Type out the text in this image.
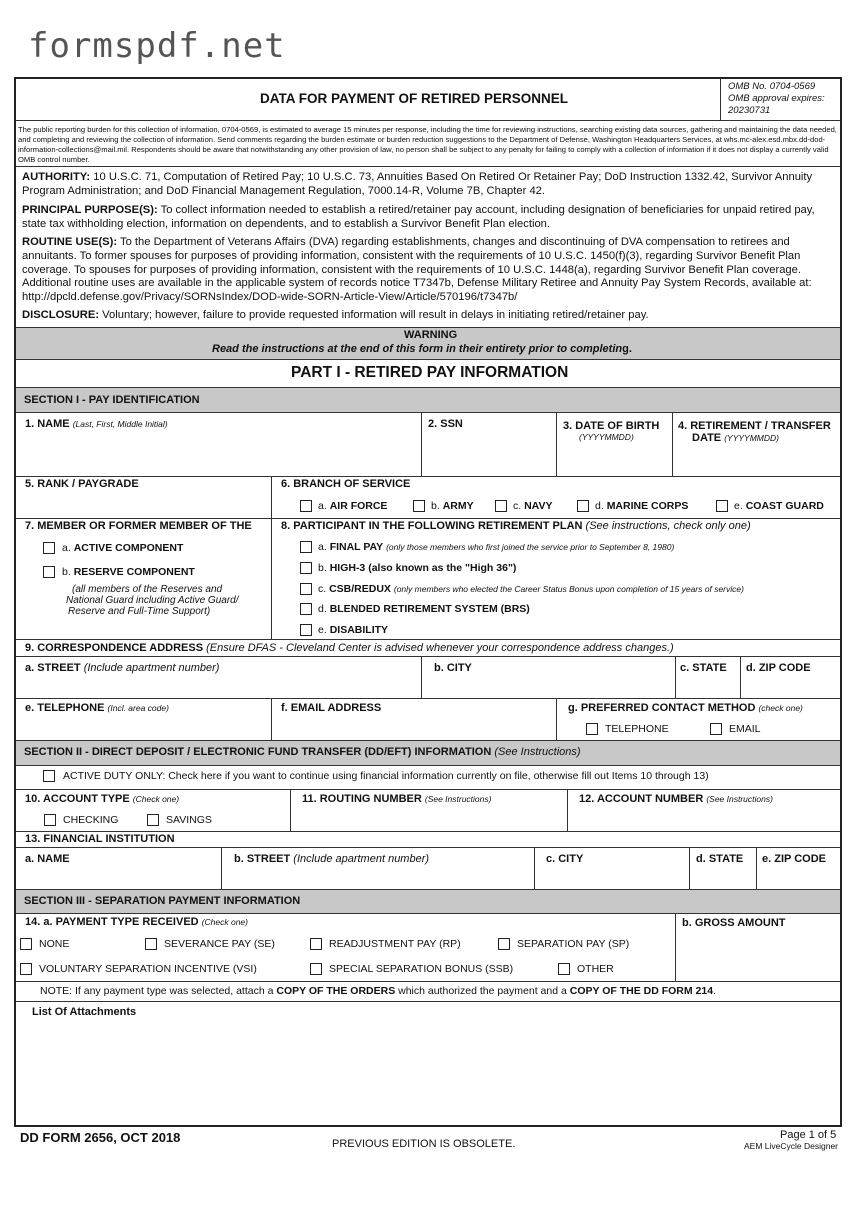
formspdf.net
DATA FOR PAYMENT OF RETIRED PERSONNEL
OMB No. 0704-0569
OMB approval expires:
20230731
The public reporting burden for this collection of information, 0704-0569, is estimated to average 15 minutes per response, including the time for reviewing instructions, searching existing data sources, gathering and maintaining the data needed, and completing and reviewing the collection of information. Send comments regarding the burden estimate or burden reduction suggestions to the Department of Defense, Washington Headquarters Services, at whs.mc-alex.esd.mbx.dd-dod-information-collections@mail.mil. Respondents should be aware that notwithstanding any other provision of law, no person shall be subject to any penalty for failing to comply with a collection of information if it does not display a currently valid OMB control number.
AUTHORITY: 10 U.S.C. 71, Computation of Retired Pay; 10 U.S.C. 73, Annuities Based On Retired Or Retainer Pay; DoD Instruction 1332.42, Survivor Annuity Program Administration; and DoD Financial Management Regulation, 7000.14-R, Volume 7B, Chapter 42.
PRINCIPAL PURPOSE(S): To collect information needed to establish a retired/retainer pay account, including designation of beneficiaries for unpaid retired pay, state tax withholding election, information on dependents, and to establish a Survivor Benefit Plan election.
ROUTINE USE(S): To the Department of Veterans Affairs (DVA) regarding establishments, changes and discontinuing of DVA compensation to retirees and annuitants. To former spouses for purposes of providing information, consistent with the requirements of 10 U.S.C. 1450(f)(3), regarding Survivor Benefit Plan coverage. To spouses for purposes of providing information, consistent with the requirements of 10 U.S.C. 1448(a), regarding Survivor Benefit Plan coverage. Additional routine uses are available in the applicable system of records notice T7347b, Defense Military Retiree and Annuity Pay System Records, available at: http://dpcld.defense.gov/Privacy/SORNsIndex/DOD-wide-SORN-Article-View/Article/570196/t7347b/
DISCLOSURE: Voluntary; however, failure to provide requested information will result in delays in initiating retired/retainer pay.
WARNING
Read the instructions at the end of this form in their entirety prior to completing.
PART I - RETIRED PAY INFORMATION
SECTION I - PAY IDENTIFICATION
1. NAME (Last, First, Middle Initial)	2. SSN	3. DATE OF BIRTH
(YYYYMMDD)
4. RETIREMENT / TRANSFER
DATE (YYYYMMDD)
5. RANK / PAYGRADE	6. BRANCH OF SERVICE
a. AIR FORCE	b. ARMY	c. NAVY	d. MARINE CORPS	e. COAST GUARD
7. MEMBER OR FORMER MEMBER OF THE
a. ACTIVE COMPONENT
b. RESERVE COMPONENT
(all members of the Reserves and
National Guard including Active Guard/
Reserve and Full-Time Support)
8. PARTICIPANT IN THE FOLLOWING RETIREMENT PLAN (See instructions, check only one)
a. FINAL PAY (only those members who first joined the service prior to September 8, 1980)
b. HIGH-3 (also known as the "High 36")
c. CSB/REDUX (only members who elected the Career Status Bonus upon completion of 15 years of service)
d. BLENDED RETIREMENT SYSTEM (BRS)
e. DISABILITY
9. CORRESPONDENCE ADDRESS (Ensure DFAS - Cleveland Center is advised whenever your correspondence address changes.)
a. STREET (Include apartment number)	b. CITY	c. STATE d. ZIP CODE
e. TELEPHONE (Incl. area code)	f. EMAIL ADDRESS	g. PREFERRED CONTACT METHOD (check one)
TELEPHONE	EMAIL
SECTION II - DIRECT DEPOSIT / ELECTRONIC FUND TRANSFER (DD/EFT) INFORMATION (See Instructions)
ACTIVE DUTY ONLY: Check here if you want to continue using financial information currently on file, otherwise fill out Items 10 through 13)
10. ACCOUNT TYPE (Check one)
CHECKING	SAVINGS
11. ROUTING NUMBER (See Instructions)	12. ACCOUNT NUMBER (See Instructions)
13. FINANCIAL INSTITUTION
a. NAME	b. STREET (Include apartment number)	c. CITY	d. STATE e. ZIP CODE
SECTION III - SEPARATION PAYMENT INFORMATION
14. a. PAYMENT TYPE RECEIVED (Check one)	b. GROSS AMOUNT
NONE	SEVERANCE PAY (SE)	READJUSTMENT PAY (RP)	SEPARATION PAY (SP)
VOLUNTARY SEPARATION INCENTIVE (VSI)	SPECIAL SEPARATION BONUS (SSB)	OTHER
NOTE: If any payment type was selected, attach a COPY OF THE ORDERS which authorized the payment and a COPY OF THE DD FORM 214.
List Of Attachments
DD FORM 2656, OCT 2018	PREVIOUS EDITION IS OBSOLETE.
Page 1 of 5
AEM LiveCycle Designer
